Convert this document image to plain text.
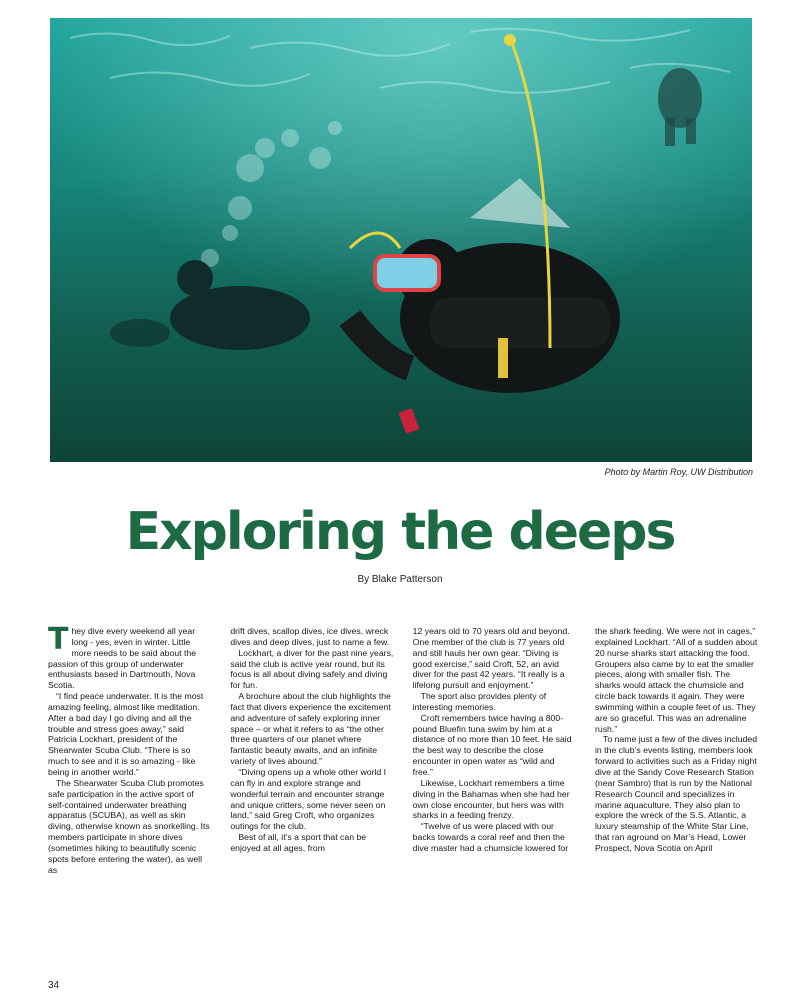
Photo by Martin Roy, UW Distribution
Exploring the deeps
By Blake Patterson
T hey dive every weekend all year long - yes, even in winter. Little more needs to be said about the passion of this group of underwater enthusiasts based in Dartmouth, Nova Scotia.

“I find peace underwater. It is the most amazing feeling, almost like meditation. After a bad day I go diving and all the trouble and stress goes away,” said Patricia Lockhart, president of the Shearwater Scuba Club. “There is so much to see and it is so amazing - like being in another world.”

The Shearwater Scuba Club promotes safe participation in the active sport of self-contained underwater breathing apparatus (SCUBA), as well as skin diving, otherwise known as snorkelling. Its members participate in shore dives (sometimes hiking to beautifully scenic spots before entering the water), as well as

drift dives, scallop dives, ice dives, wreck dives and deep dives, just to name a few.

Lockhart, a diver for the past nine years, said the club is active year round, but its focus is all about diving safely and diving for fun.

A brochure about the club highlights the fact that divers experience the excitement and adventure of safely exploring inner space – or what it refers to as “the other three quarters of our planet where fantastic beauty awaits, and an infinite variety of lives abound.”

“Diving opens up a whole other world I can fly in and explore strange and wonderful terrain and encounter strange and unique critters, some never seen on land,” said Greg Croft, who organizes outings for the club.

Best of all, it’s a sport that can be enjoyed at all ages, from

12 years old to 70 years old and beyond. One member of the club is 77 years old and still hauls her own gear. “Diving is good exercise,” said Croft, 52, an avid diver for the past 42 years. “It really is a lifelong pursuit and enjoyment.”

The sport also provides plenty of interesting memories.

Croft remembers twice having a 800-pound Bluefin tuna swim by him at a distance of no more than 10 feet. He said the best way to describe the close encounter in open water as “wild and free.”

Likewise, Lockhart remembers a time diving in the Bahamas when she had her own close encounter, but hers was with sharks in a feeding frenzy.

“Twelve of us were placed with our backs towards a coral reef and then the dive master had a chumsicle lowered for

the shark feeding. We were not in cages,” explained Lockhart. “All of a sudden about 20 nurse sharks start attacking the food. Groupers also came by to eat the smaller pieces, along with smaller fish. The sharks would attack the chumsicle and circle back towards it again. They were swimming within a couple feet of us. They are so graceful. This was an adrenaline rush.”

To name just a few of the dives included in the club’s events listing, members look forward to activities such as a Friday night dive at the Sandy Cove Research Station (near Sambro) that is run by the National Research Council and specializes in marine aquaculture. They also plan to explore the wreck of the S.S. Atlantic, a luxury steamship of the White Star Line, that ran aground on Mar’s Head, Lower Prospect, Nova Scotia on April

34
